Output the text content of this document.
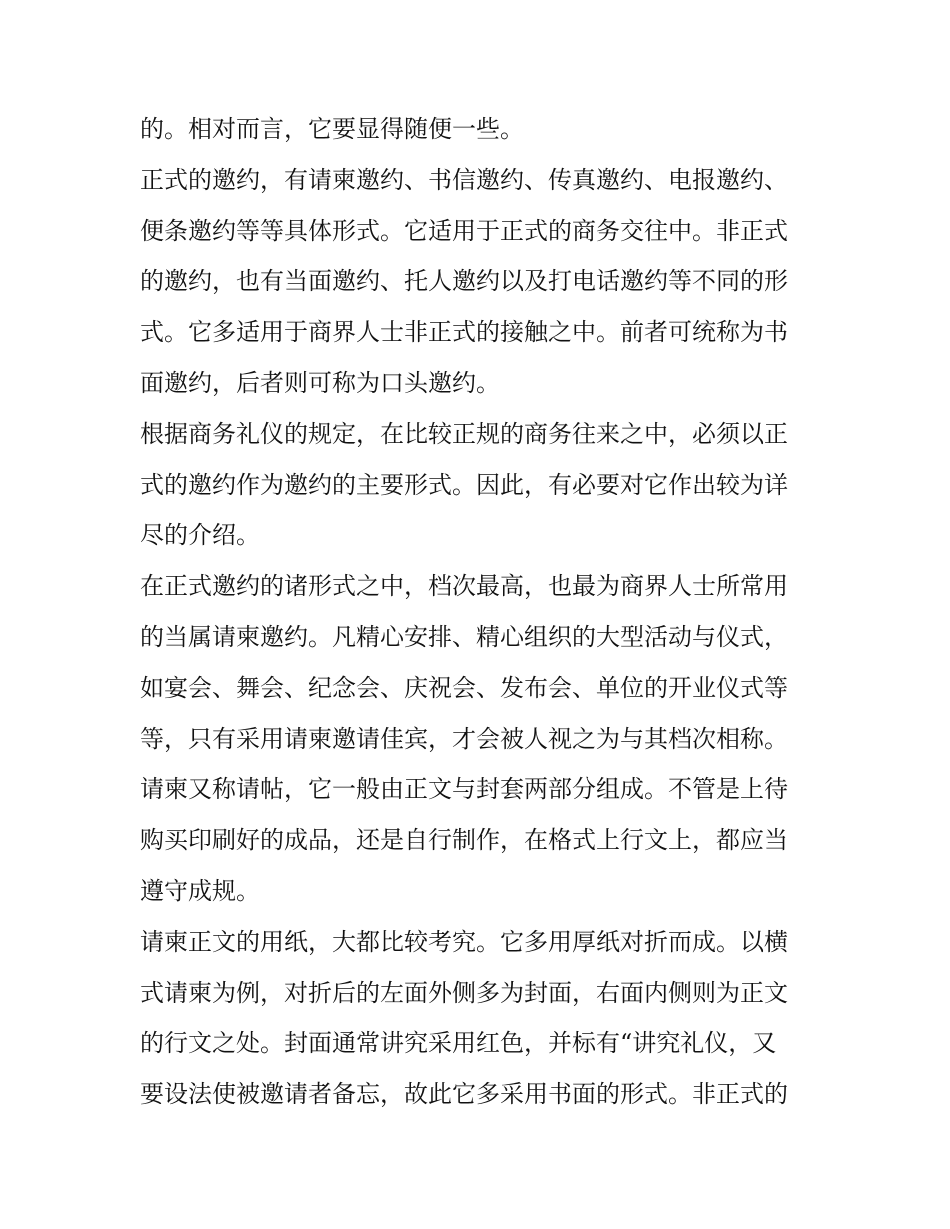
的。相对而言，它要显得随便一些。
正式的邀约，有请柬邀约、书信邀约、传真邀约、电报邀约、
便条邀约等等具体形式。它适用于正式的商务交往中。非正式
的邀约，也有当面邀约、托人邀约以及打电话邀约等不同的形
式。它多适用于商界人士非正式的接触之中。前者可统称为书
面邀约，后者则可称为口头邀约。
根据商务礼仪的规定，在比较正规的商务往来之中，必须以正
式的邀约作为邀约的主要形式。因此，有必要对它作出较为详
尽的介绍。
在正式邀约的诸形式之中，档次最高，也最为商界人士所常用
的当属请柬邀约。凡精心安排、精心组织的大型活动与仪式，
如宴会、舞会、纪念会、庆祝会、发布会、单位的开业仪式等
等，只有采用请柬邀请佳宾，才会被人视之为与其档次相称。
请柬又称请帖，它一般由正文与封套两部分组成。不管是上待
购买印刷好的成品，还是自行制作，在格式上行文上，都应当
遵守成规。
请柬正文的用纸，大都比较考究。它多用厚纸对折而成。以横
式请柬为例，对折后的左面外侧多为封面，右面内侧则为正文
的行文之处。封面通常讲究采用红色，并标有“讲究礼仪，又
要设法使被邀请者备忘，故此它多采用书面的形式。非正式的
